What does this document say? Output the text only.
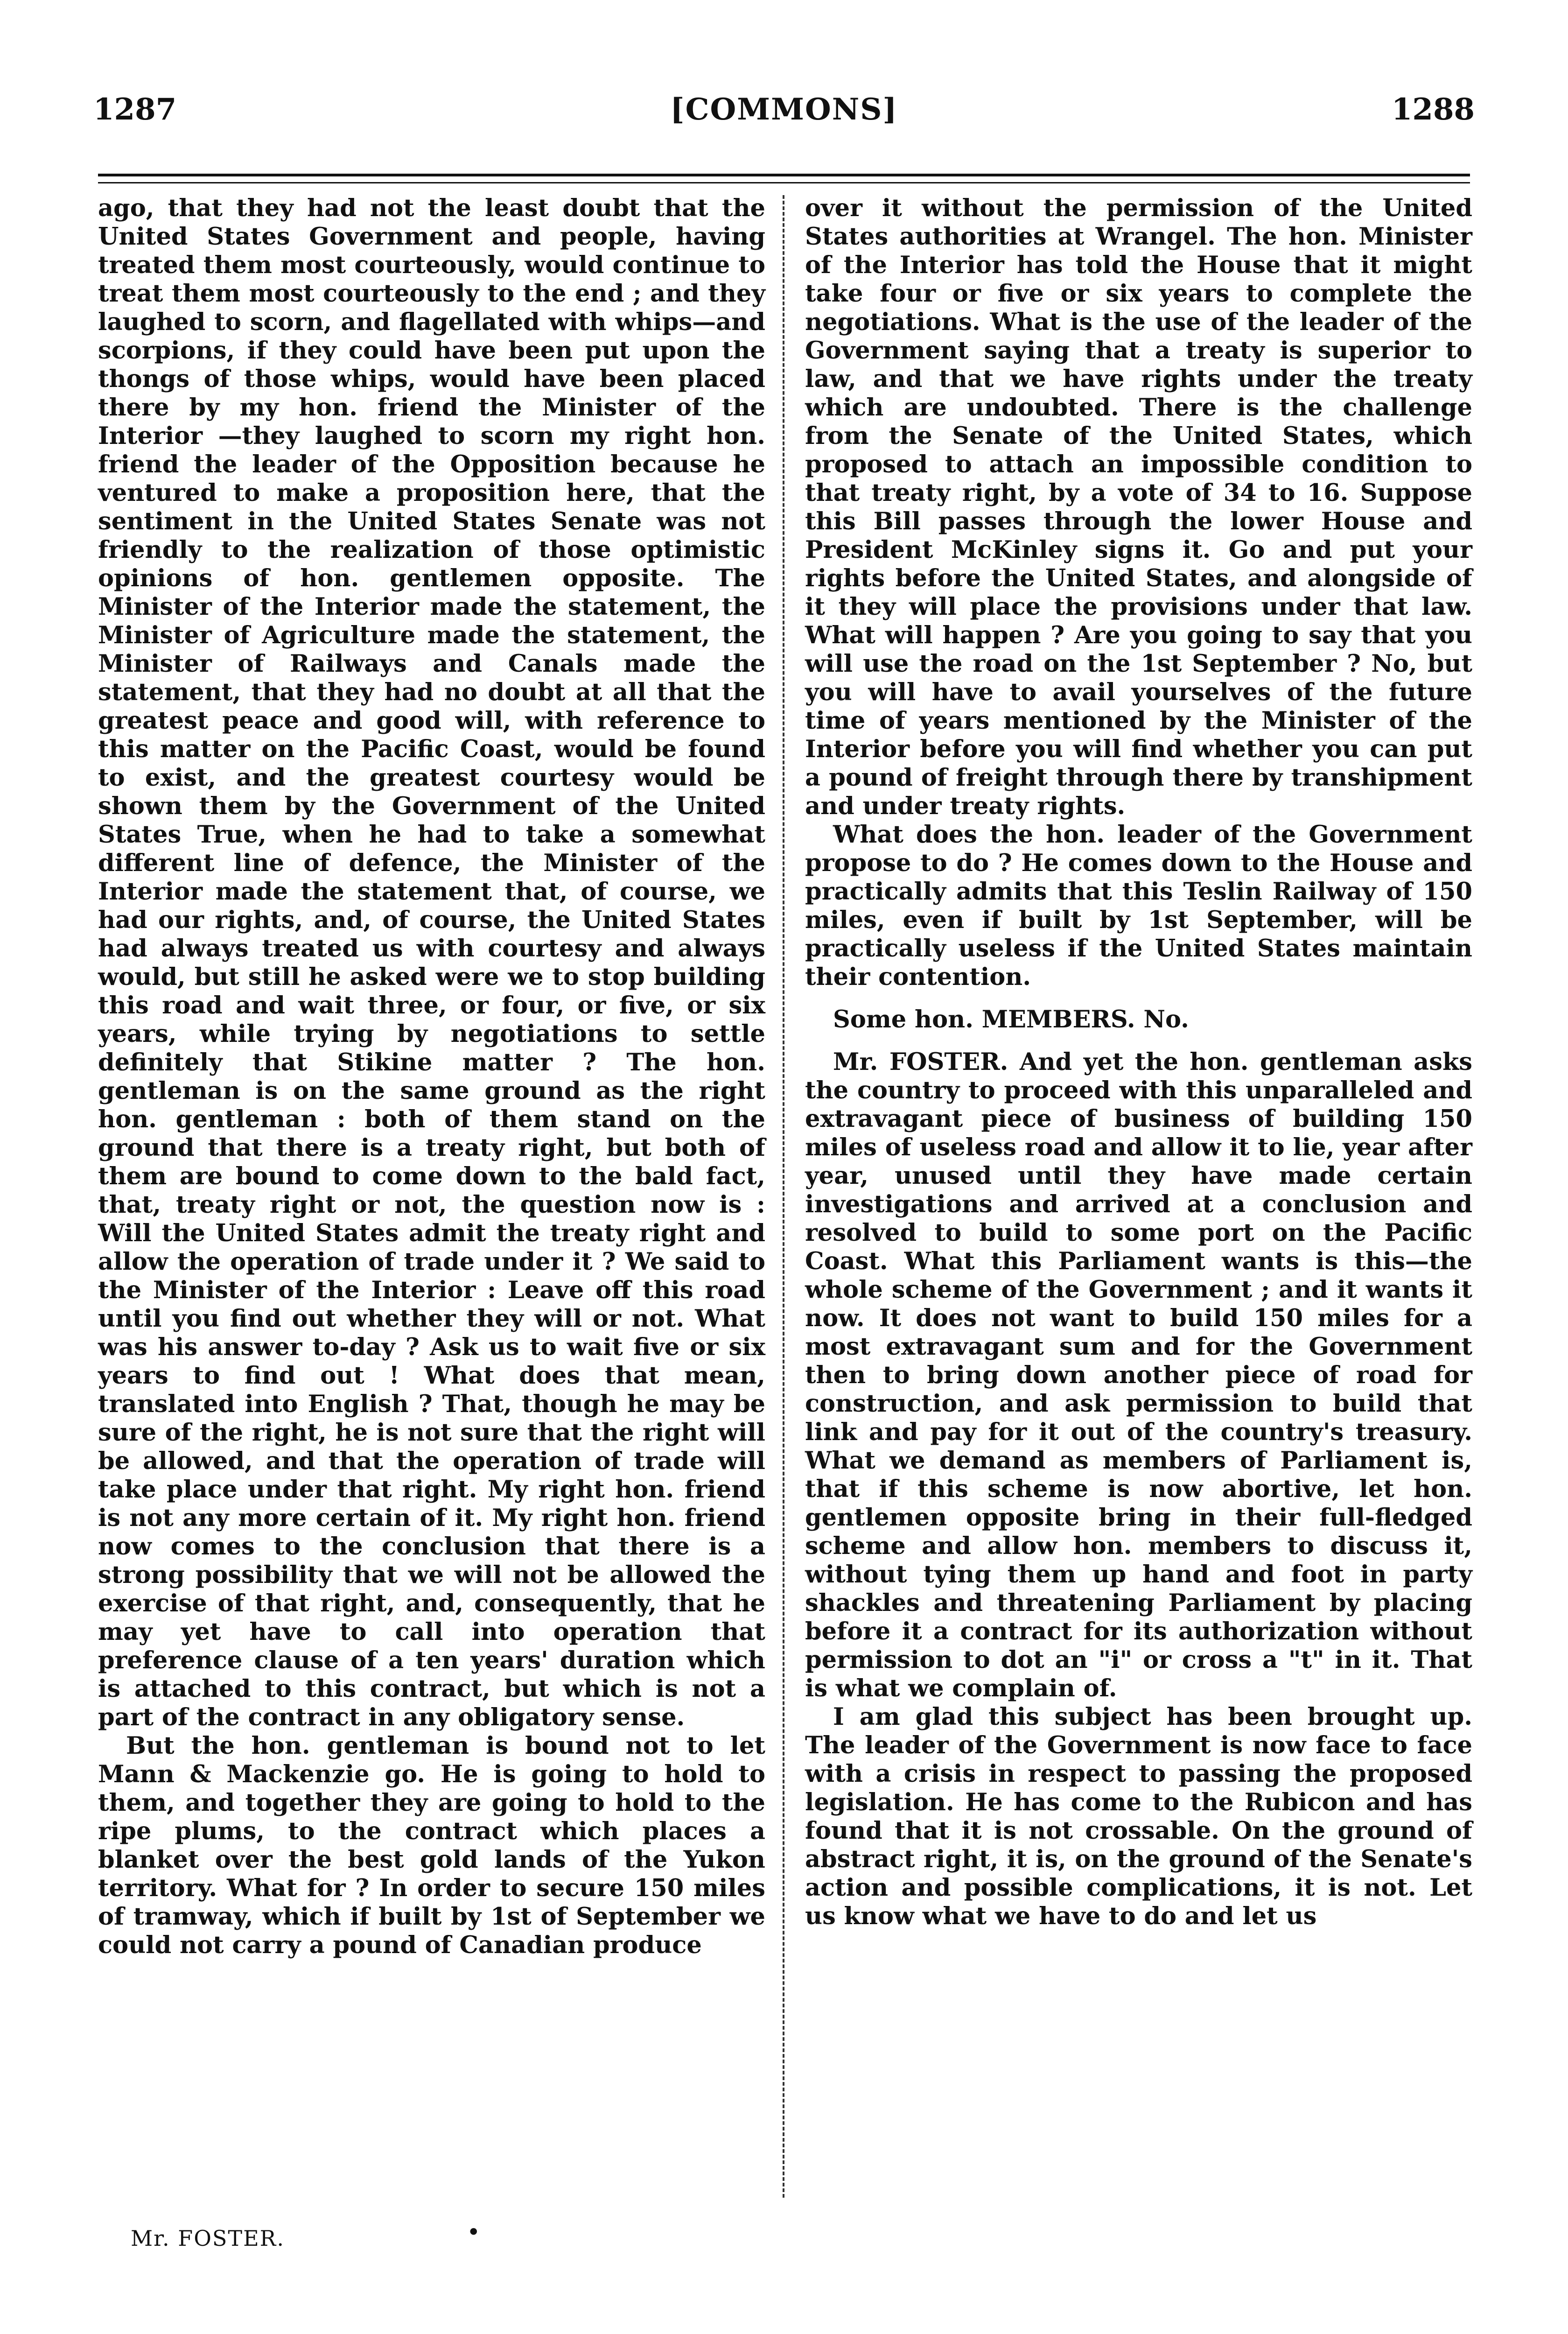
1287	[COMMONS]	1288

ago, that they had not the least doubt that the United States Government and people, having treated them most courteously, would continue to treat them most courteously to the end ; and they laughed to scorn, and flagellated with whips—and scorpions, if they could have been put upon the thongs of those whips, would have been placed there by my hon. friend the Minister of the Interior —they laughed to scorn my right hon. friend the leader of the Opposition because he ventured to make a proposition here, that the sentiment in the United States Senate was not friendly to the realization of those optimistic opinions of hon. gentlemen opposite. The Minister of the Interior made the statement, the Minister of Agriculture made the statement, the Minister of Railways and Canals made the statement, that they had no doubt at all that the greatest peace and good will, with reference to this matter on the Pacific Coast, would be found to exist, and the greatest courtesy would be shown them by the Government of the United States True, when he had to take a somewhat different line of defence, the Minister of the Interior made the statement that, of course, we had our rights, and, of course, the United States had always treated us with courtesy and always would, but still he asked were we to stop building this road and wait three, or four, or five, or six years, while trying by negotiations to settle definitely that Stikine matter ? The hon. gentleman is on the same ground as the right hon. gentleman : both of them stand on the ground that there is a treaty right, but both of them are bound to come down to the bald fact, that, treaty right or not, the question now is : Will the United States admit the treaty right and allow the operation of trade under it ? We said to the Minister of the Interior : Leave off this road until you find out whether they will or not. What was his answer to-day ? Ask us to wait five or six years to find out ! What does that mean, translated into English ? That, though he may be sure of the right, he is not sure that the right will be allowed, and that the operation of trade will take place under that right. My right hon. friend is not any more certain of it. My right hon. friend now comes to the conclusion that there is a strong possibility that we will not be allowed the exercise of that right, and, consequently, that he may yet have to call into operation that preference clause of a ten years' duration which is attached to this contract, but which is not a part of the contract in any obligatory sense.

But the hon. gentleman is bound not to let Mann & Mackenzie go. He is going to hold to them, and together they are going to hold to the ripe plums, to the contract which places a blanket over the best gold lands of the Yukon territory. What for ? In order to secure 150 miles of tramway, which if built by 1st of September we could not carry a pound of Canadian produce

over it without the permission of the United States authorities at Wrangel. The hon. Minister of the Interior has told the House that it might take four or five or six years to complete the negotiations. What is the use of the leader of the Government saying that a treaty is superior to law, and that we have rights under the treaty which are undoubted. There is the challenge from the Senate of the United States, which proposed to attach an impossible condition to that treaty right, by a vote of 34 to 16. Suppose this Bill passes through the lower House and President McKinley signs it. Go and put your rights before the United States, and alongside of it they will place the provisions under that law. What will happen ? Are you going to say that you will use the road on the 1st September ? No, but you will have to avail yourselves of the future time of years mentioned by the Minister of the Interior before you will find whether you can put a pound of freight through there by transhipment and under treaty rights.

What does the hon. leader of the Government propose to do ? He comes down to the House and practically admits that this Teslin Railway of 150 miles, even if built by 1st September, will be practically useless if the United States maintain their contention.

Some hon. MEMBERS. No.

Mr. FOSTER. And yet the hon. gentleman asks the country to proceed with this unparalleled and extravagant piece of business of building 150 miles of useless road and allow it to lie, year after year, unused until they have made certain investigations and arrived at a conclusion and resolved to build to some port on the Pacific Coast. What this Parliament wants is this—the whole scheme of the Government ; and it wants it now. It does not want to build 150 miles for a most extravagant sum and for the Government then to bring down another piece of road for construction, and ask permission to build that link and pay for it out of the country's treasury. What we demand as members of Parliament is, that if this scheme is now abortive, let hon. gentlemen opposite bring in their full-fledged scheme and allow hon. members to discuss it, without tying them up hand and foot in party shackles and threatening Parliament by placing before it a contract for its authorization without permission to dot an "i" or cross a "t" in it. That is what we complain of.

I am glad this subject has been brought up. The leader of the Government is now face to face with a crisis in respect to passing the proposed legislation. He has come to the Rubicon and has found that it is not crossable. On the ground of abstract right, it is, on the ground of the Senate's action and possible complications, it is not. Let us know what we have to do and let us

Mr. FOSTER.	•
